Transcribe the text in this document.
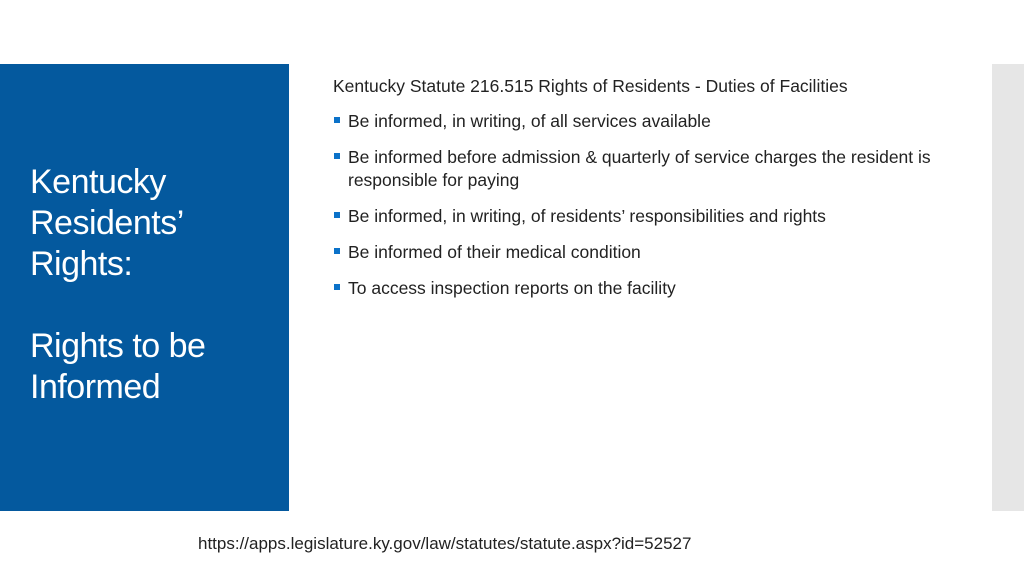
Kentucky
Residents’
Rights:
Rights to be
Informed
Kentucky Statute 216.515 Rights of Residents - Duties of Facilities
Be informed, in writing, of all services available
Be informed before admission & quarterly of service charges the resident is responsible for paying
Be informed, in writing, of residents’ responsibilities and rights
Be informed of their medical condition
To access inspection reports on the facility
https://apps.legislature.ky.gov/law/statutes/statute.aspx?id=52527
